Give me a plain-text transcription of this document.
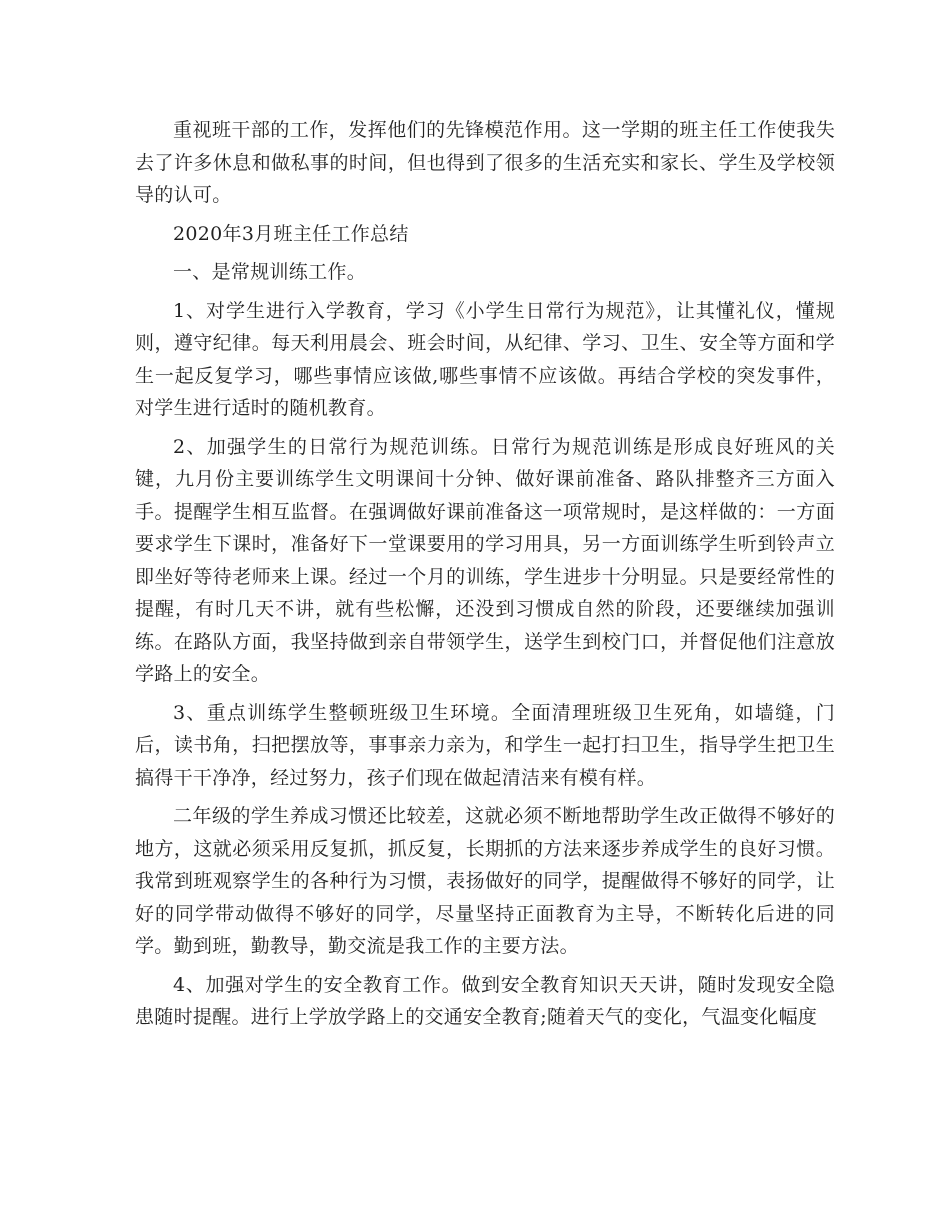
重视班干部的工作，发挥他们的先锋模范作用。这一学期的班主任工作使我失去了许多休息和做私事的时间，但也得到了很多的生活充实和家长、学生及学校领导的认可。

2020年3月班主任工作总结

一、是常规训练工作。

1、对学生进行入学教育，学习《小学生日常行为规范》，让其懂礼仪，懂规则，遵守纪律。每天利用晨会、班会时间，从纪律、学习、卫生、安全等方面和学生一起反复学习，哪些事情应该做,哪些事情不应该做。再结合学校的突发事件，对学生进行适时的随机教育。

2、加强学生的日常行为规范训练。日常行为规范训练是形成良好班风的关键，九月份主要训练学生文明课间十分钟、做好课前准备、路队排整齐三方面入手。提醒学生相互监督。在强调做好课前准备这一项常规时，是这样做的：一方面要求学生下课时，准备好下一堂课要用的学习用具，另一方面训练学生听到铃声立即坐好等待老师来上课。经过一个月的训练，学生进步十分明显。只是要经常性的提醒，有时几天不讲，就有些松懈，还没到习惯成自然的阶段，还要继续加强训练。在路队方面，我坚持做到亲自带领学生，送学生到校门口，并督促他们注意放学路上的安全。

3、重点训练学生整顿班级卫生环境。全面清理班级卫生死角，如墙缝，门后，读书角，扫把摆放等，事事亲力亲为，和学生一起打扫卫生，指导学生把卫生搞得干干净净，经过努力，孩子们现在做起清洁来有模有样。

二年级的学生养成习惯还比较差，这就必须不断地帮助学生改正做得不够好的地方，这就必须采用反复抓，抓反复，长期抓的方法来逐步养成学生的良好习惯。我常到班观察学生的各种行为习惯，表扬做好的同学，提醒做得不够好的同学，让好的同学带动做得不够好的同学，尽量坚持正面教育为主导，不断转化后进的同学。勤到班，勤教导，勤交流是我工作的主要方法。

4、加强对学生的安全教育工作。做到安全教育知识天天讲，随时发现安全隐患随时提醒。进行上学放学路上的交通安全教育;随着天气的变化，气温变化幅度
